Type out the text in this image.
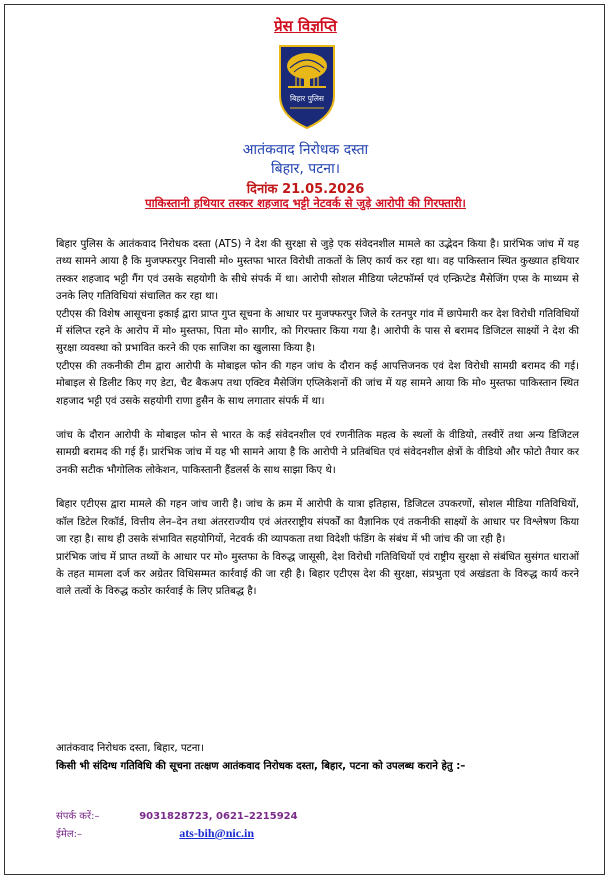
प्रेस विज्ञप्ति
बिहार पुलिस
आतंकवाद निरोधक दस्ता
बिहार, पटना।
दिनांक 21.05.2026
पाकिस्तानी हथियार तस्कर शहजाद भट्टी नेटवर्क से जुड़े आरोपी की गिरफ्तारी।

बिहार पुलिस के आतंकवाद निरोधक दस्ता (ATS) ने देश की सुरक्षा से जुड़े एक संवेदनशील मामले का उद्भेदन किया है। प्रारंभिक जांच में यह तथ्य सामने आया है कि मुजफ्फरपुर निवासी मो० मुस्तफा भारत विरोधी ताकतों के लिए कार्य कर रहा था। वह पाकिस्तान स्थित कुख्यात हथियार तस्कर शहजाद भट्टी गैंग एवं उसके सहयोगी के सीधे संपर्क में था। आरोपी सोशल मीडिया प्लेटफॉर्म्स एवं एन्क्रिप्टेड मैसेजिंग एप्स के माध्यम से उनके लिए गतिविधियां संचालित कर रहा था।

एटीएस की विशेष आसूचना इकाई द्वारा प्राप्त गुप्त सूचना के आधार पर मुजफ्फरपुर जिले के रतनपुर गांव में छापेमारी कर देश विरोधी गतिविधियों में संलिप्त रहने के आरोप में मो० मुस्तफा, पिता मो० सागीर, को गिरफ्तार किया गया है। आरोपी के पास से बरामद डिजिटल साक्ष्यों ने देश की सुरक्षा व्यवस्था को प्रभावित करने की एक साजिश का खुलासा किया है।

एटीएस की तकनीकी टीम द्वारा आरोपी के मोबाइल फोन की गहन जांच के दौरान कई आपत्तिजनक एवं देश विरोधी सामग्री बरामद की गई। मोबाइल से डिलीट किए गए डेटा, चैट बैकअप तथा एक्टिव मैसेजिंग एप्लिकेशनों की जांच में यह सामने आया कि मो० मुस्तफा पाकिस्तान स्थित शहजाद भट्टी एवं उसके सहयोगी राणा हुसैन के साथ लगातार संपर्क में था।

जांच के दौरान आरोपी के मोबाइल फोन से भारत के कई संवेदनशील एवं रणनीतिक महत्व के स्थलों के वीडियो, तस्वीरें तथा अन्य डिजिटल सामग्री बरामद की गई हैं। प्रारंभिक जांच में यह भी सामने आया है कि आरोपी ने प्रतिबंधित एवं संवेदनशील क्षेत्रों के वीडियो और फोटो तैयार कर उनकी सटीक भौगोलिक लोकेशन, पाकिस्तानी हैंडलर्स के साथ साझा किए थे।

बिहार एटीएस द्वारा मामले की गहन जांच जारी है। जांच के क्रम में आरोपी के यात्रा इतिहास, डिजिटल उपकरणों, सोशल मीडिया गतिविधियों, कॉल डिटेल रिकॉर्ड, वित्तीय लेन–देन तथा अंतरराज्यीय एवं अंतरराष्ट्रीय संपर्कों का वैज्ञानिक एवं तकनीकी साक्ष्यों के आधार पर विश्लेषण किया जा रहा है। साथ ही उसके संभावित सहयोगियों, नेटवर्क की व्यापकता तथा विदेशी फंडिंग के संबंध में भी जांच की जा रही है।

प्रारंभिक जांच में प्राप्त तथ्यों के आधार पर मो० मुस्तफा के विरुद्ध जासूसी, देश विरोधी गतिविधियों एवं राष्ट्रीय सुरक्षा से संबंधित सुसंगत धाराओं के तहत मामला दर्ज कर अग्रेतर विधिसम्मत कार्रवाई की जा रही है। बिहार एटीएस देश की सुरक्षा, संप्रभुता एवं अखंडता के विरुद्ध कार्य करने वाले तत्वों के विरुद्ध कठोर कार्रवाई के लिए प्रतिबद्ध है।

आतंकवाद निरोधक दस्ता, बिहार, पटना।
किसी भी संदिग्ध गतिविधि की सूचना तत्क्षण आतंकवाद निरोधक दस्ता, बिहार, पटना को उपलब्ध कराने हेतु :–
संपर्क करें:–	9031828723, 0621–2215924
ईमेल:–	ats-bih@nic.in
